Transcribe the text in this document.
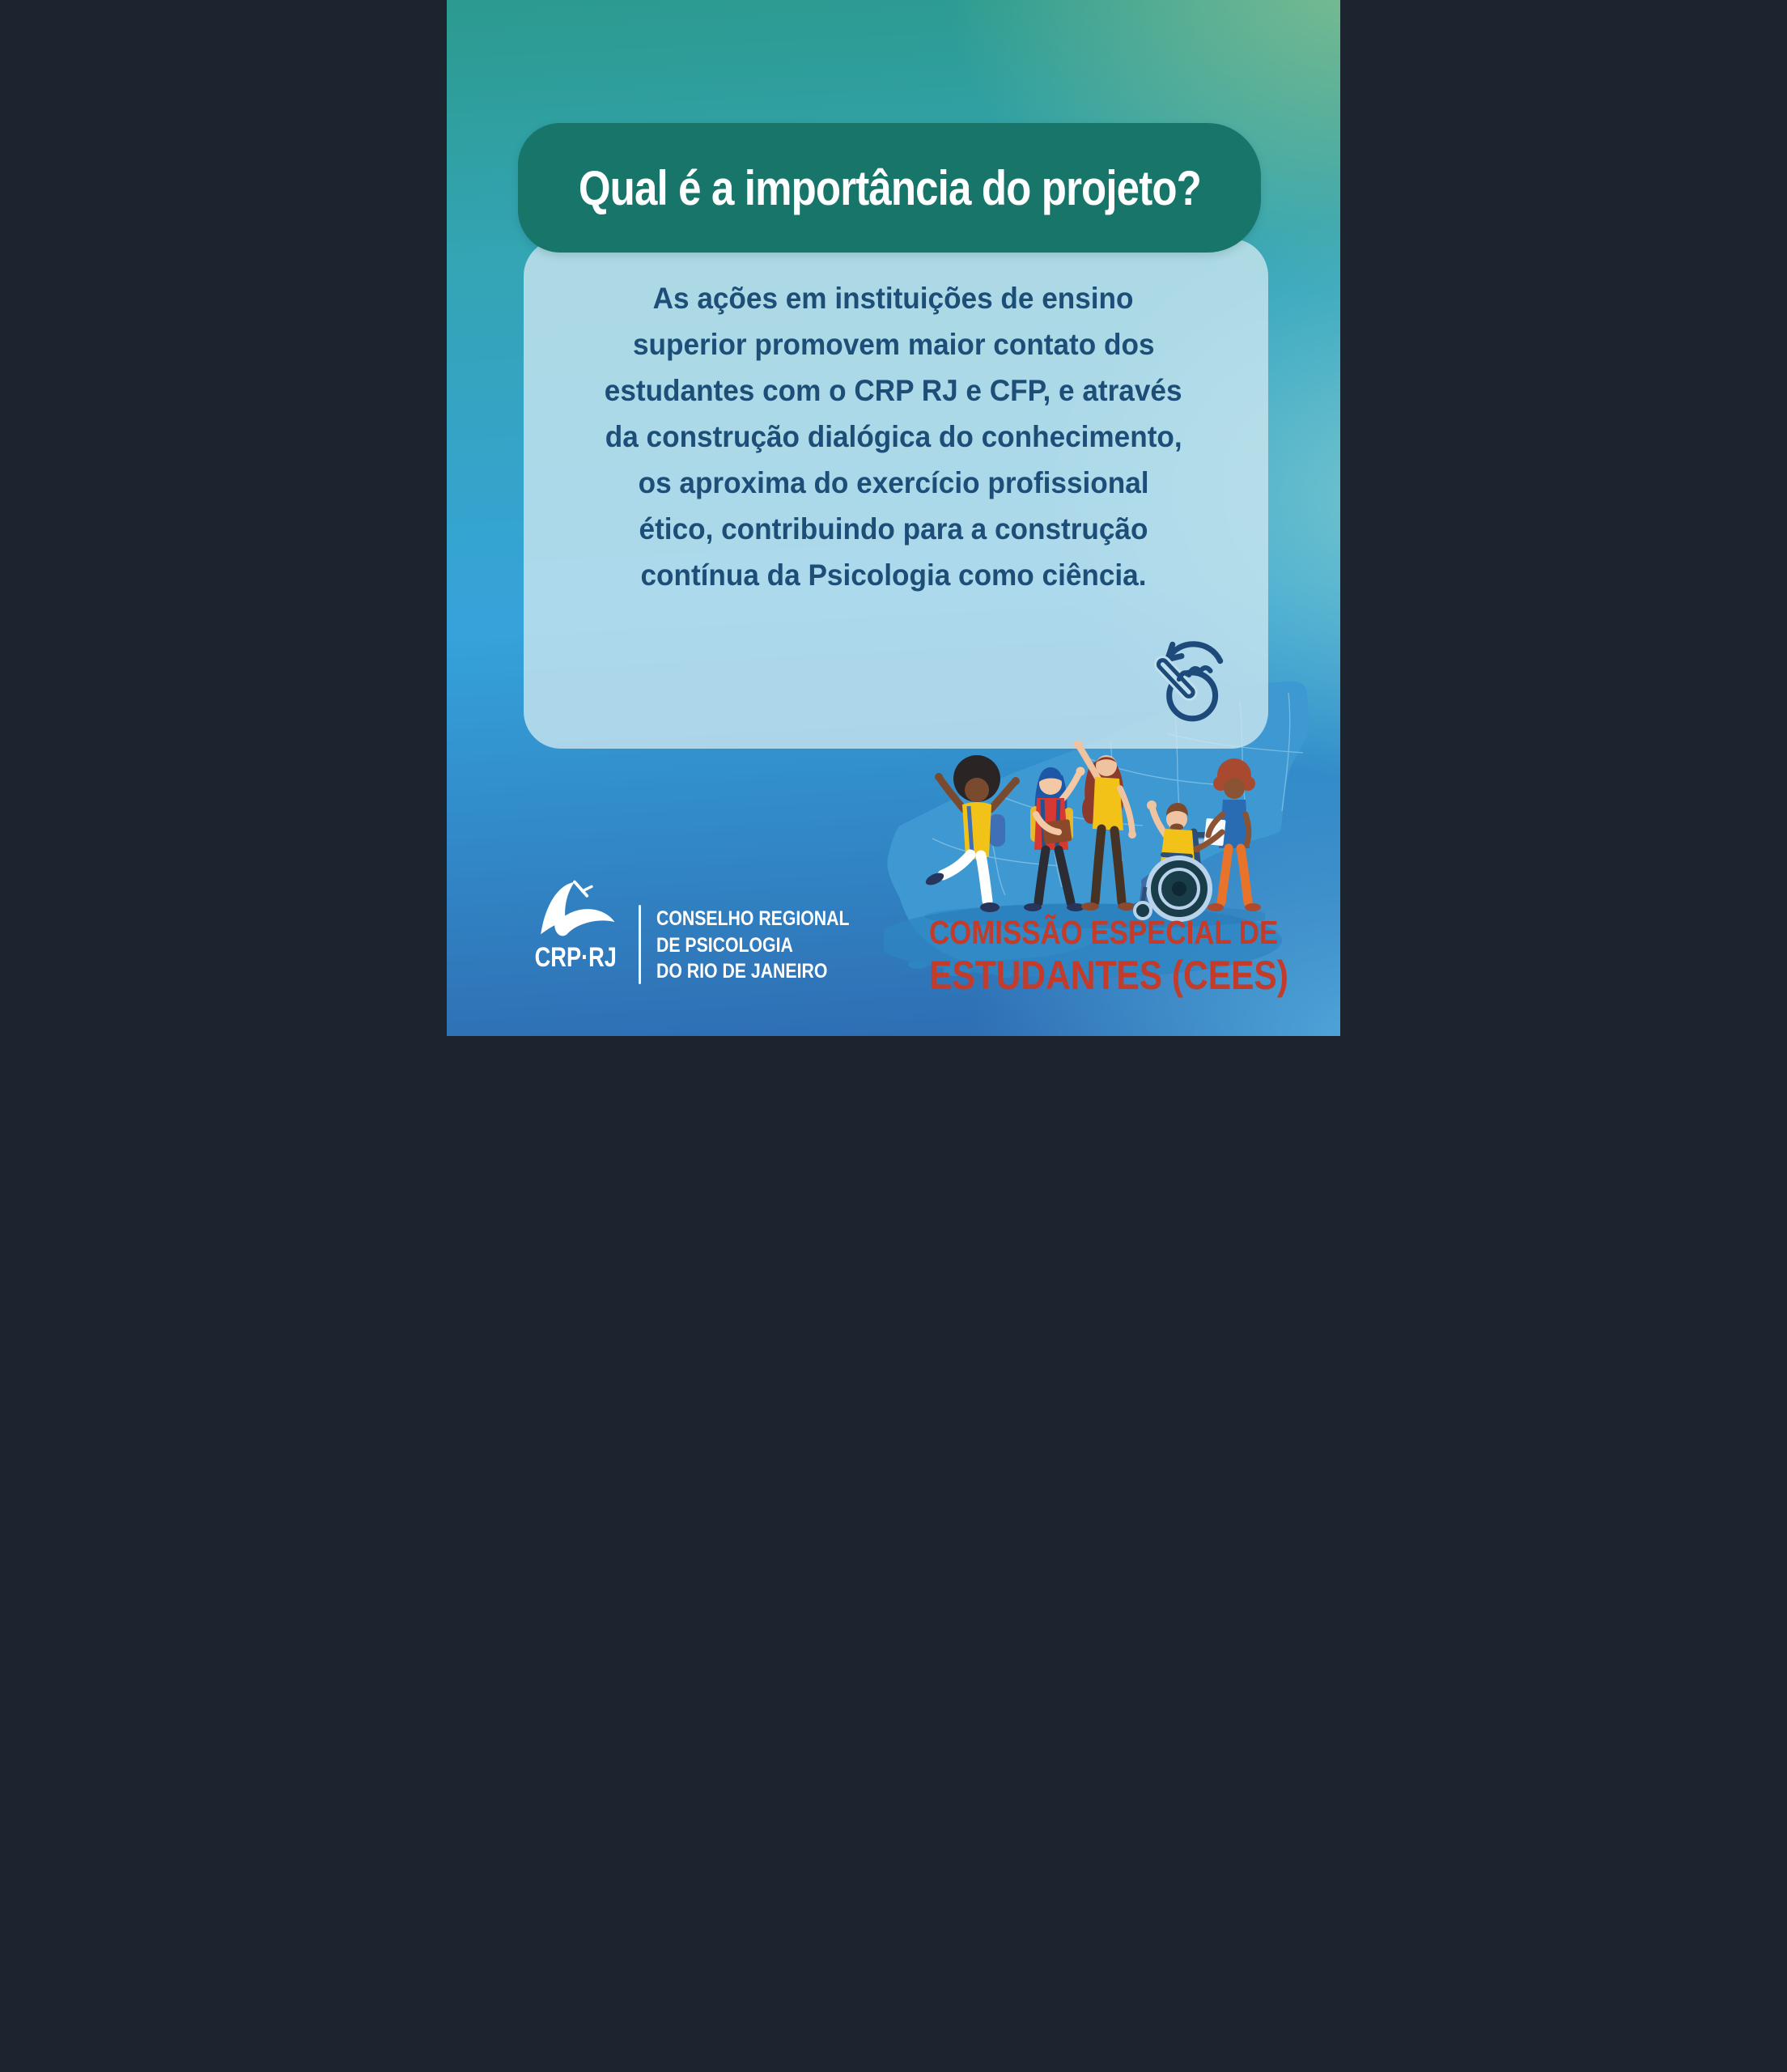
Qual é a importância do projeto?
As ações em instituições de ensino
superior promovem maior contato dos
estudantes com o CRP RJ e CFP, e através
da construção dialógica do conhecimento,
os aproxima do exercício profissional
ético, contribuindo para a construção
contínua da Psicologia como ciência.
CRP·RJ
CONSELHO REGIONAL
DE PSICOLOGIA
DO RIO DE JANEIRO
COMISSÃO ESPECIAL DE
ESTUDANTES (CEES)
